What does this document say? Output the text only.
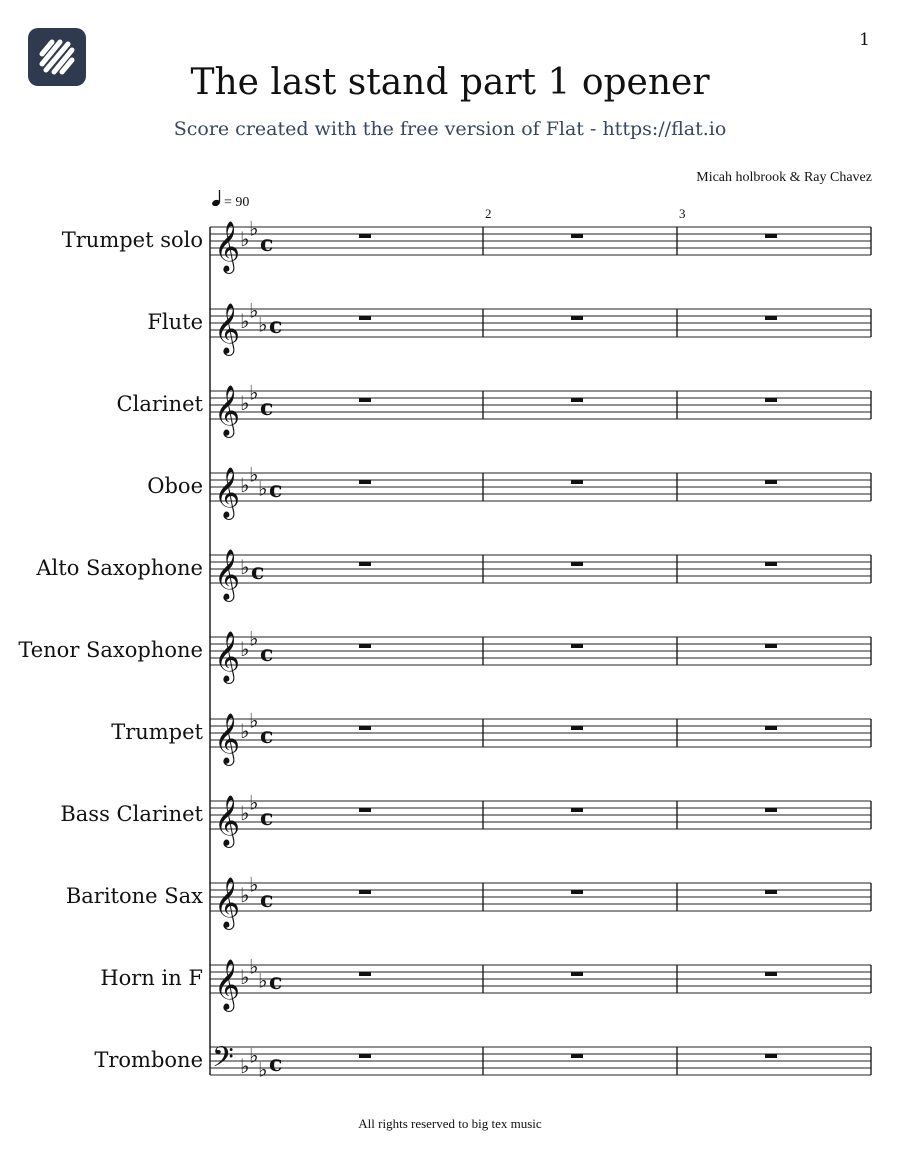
1
The last stand part 1 opener
Score created with the free version of Flat - https://flat.io
Micah holbrook & Ray Chavez
= 90
2	3
Trumpet solo
Flute
Clarinet
Oboe
Alto Saxophone
Tenor Saxophone
Trumpet
Bass Clarinet
Baritone Sax
Horn in F
Trombone
𝄞 ♭ ♭
c
𝄞 ♭ ♭
♭ c
𝄞 ♭ ♭
c
𝄞 ♭ ♭
♭ c
𝄞 ♭ c
𝄞 ♭ ♭
c
𝄞 ♭ ♭
c
𝄞 ♭ ♭
c
𝄞 ♭ ♭
c
𝄞 ♭ ♭
♭ c
𝄢 ♭ ♭
♭ c
All rights reserved to big tex music
